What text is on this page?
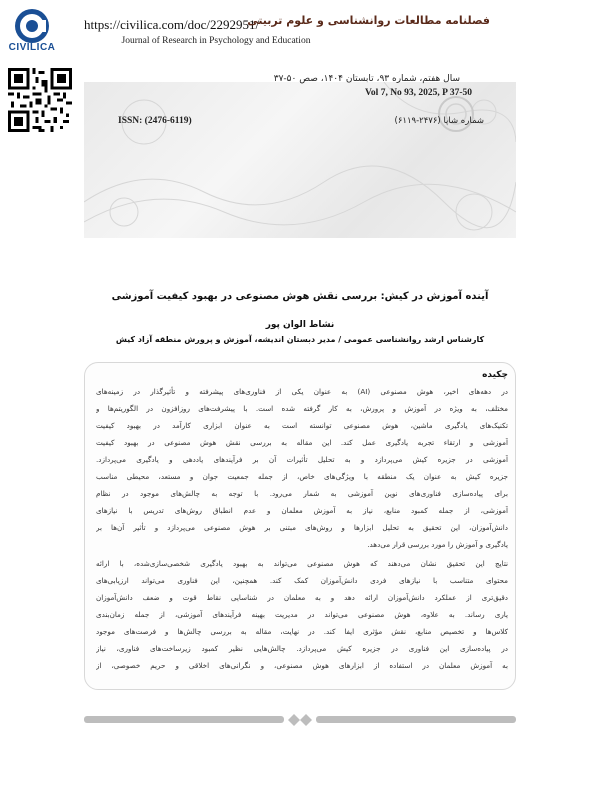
CIVILICA
https://civilica.com/doc/2292951/
فصلنامه مطالعات روانشناسی و علوم تربیتی
Journal of Research in Psychology and Education
سال هفتم، شماره ۹۳، تابستان ۱۴۰۴، صص ۵۰-۳۷
Vol 7, No 93, 2025, P 37-50
ISSN: (2476-6119)	شماره شاپا (۲۴۷۶-۶۱۱۹)
آینده آموزش در کیش: بررسی نقش هوش مصنوعی در بهبود کیفیت آموزشی
نشاط الوان پور
کارشناس ارشد روانشناسی عمومی / مدیر دبستان اندیشه، آموزش و پرورش منطقه آزاد کیش
چکیده
در دهه‌های اخیر، هوش مصنوعی (AI) به عنوان یکی از فناوری‌های پیشرفته و تأثیرگذار در زمینه‌های
مختلف، به ویژه در آموزش و پرورش، به کار گرفته شده است. با پیشرفت‌های روزافزون در الگوریتم‌ها و
تکنیک‌های یادگیری ماشین، هوش مصنوعی توانسته است به عنوان ابزاری کارآمد در بهبود کیفیت
آموزشی و ارتقاء تجربه یادگیری عمل کند. این مقاله به بررسی نقش هوش مصنوعی در بهبود کیفیت
آموزشی در جزیره کیش می‌پردازد و به تحلیل تأثیرات آن بر فرآیندهای یاددهی و یادگیری می‌پردازد.
جزیره کیش به عنوان یک منطقه با ویژگی‌های خاص، از جمله جمعیت جوان و مستعد، محیطی مناسب
برای پیاده‌سازی فناوری‌های نوین آموزشی به شمار می‌رود. با توجه به چالش‌های موجود در نظام
آموزشی، از جمله کمبود منابع، نیاز به آموزش معلمان و عدم انطباق روش‌های تدریس با نیازهای
دانش‌آموزان، این تحقیق به تحلیل ابزارها و روش‌های مبتنی بر هوش مصنوعی می‌پردازد و تأثیر آن‌ها بر
یادگیری و آموزش را مورد بررسی قرار می‌دهد.
نتایج این تحقیق نشان می‌دهند که هوش مصنوعی می‌تواند به بهبود یادگیری شخصی‌سازی‌شده، با ارائه
محتوای متناسب با نیازهای فردی دانش‌آموزان کمک کند. همچنین، این فناوری می‌تواند ارزیابی‌های
دقیق‌تری از عملکرد دانش‌آموزان ارائه دهد و به معلمان در شناسایی نقاط قوت و ضعف دانش‌آموزان
یاری رساند. به علاوه، هوش مصنوعی می‌تواند در مدیریت بهینه فرآیندهای آموزشی، از جمله زمان‌بندی
کلاس‌ها و تخصیص منابع، نقش مؤثری ایفا کند. در نهایت، مقاله به بررسی چالش‌ها و فرصت‌های موجود
در پیاده‌سازی این فناوری در جزیره کیش می‌پردازد. چالش‌هایی نظیر کمبود زیرساخت‌های فناوری، نیاز
به آموزش معلمان در استفاده از ابزارهای هوش مصنوعی، و نگرانی‌های اخلاقی و حریم خصوصی، از
